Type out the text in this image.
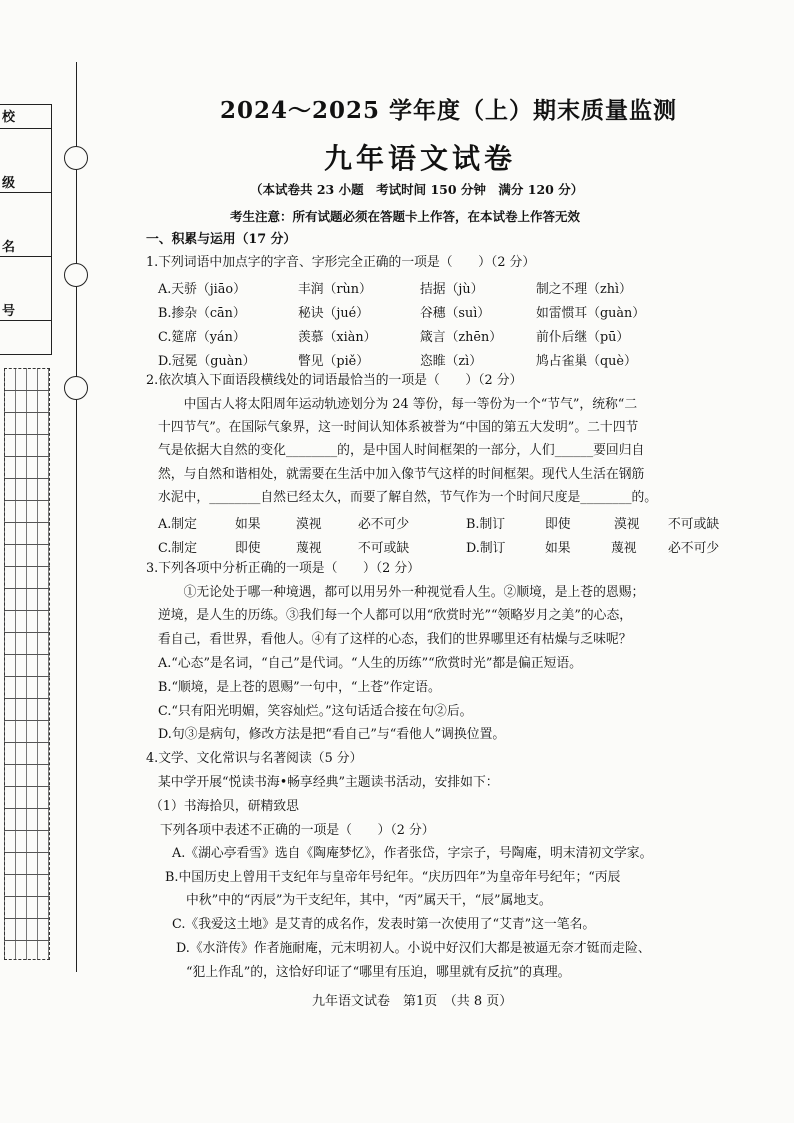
校
级
名
号
2024～2025 学年度（上）期末质量监测
九年语文试卷
（本试卷共 23 小题　考试时间 150 分钟　满分 120 分）
考生注意：所有试题必须在答题卡上作答，在本试卷上作答无效
一、积累与运用（17 分）
1.下列词语中加点字的字音、字形完全正确的一项是（　　）（2 分）
A.天骄（jiāo）	丰润（rùn）	拮据（jù）	制之不理（zhì）
B.掺杂（cān）	秘诀（jué）	谷穗（suì）	如雷惯耳（guàn）
C.筵席（yán）	羡慕（xiàn）	箴言（zhēn）	前仆后继（pū）
D.冠冕（guàn）	瞥见（piě）	恣睢（zì）	鸠占雀巢（què）
2.依次填入下面语段横线处的词语最恰当的一项是（　　）（2 分）
　　中国古人将太阳周年运动轨迹划分为 24 等份，每一等份为一个“节气”，统称“二
十四节气”。在国际气象界，这一时间认知体系被誉为“中国的第五大发明”。二十四节
气是依据大自然的变化________的，是中国人时间框架的一部分，人们______要回归自
然，与自然和谐相处，就需要在生活中加入像节气这样的时间框架。现代人生活在钢筋
水泥中，________自然已经太久，而要了解自然，节气作为一个时间尺度是________的。
A.制定	如果	漠视	必不可少	B.制订	即使	漠视 不可或缺
C.制定	即使	蔑视	不可或缺	D.制订	如果	蔑视 必不可少
3.下列各项中分析正确的一项是（　　）（2 分）
　　①无论处于哪一种境遇，都可以用另外一种视觉看人生。②顺境，是上苍的恩赐；
逆境，是人生的历练。③我们每一个人都可以用“欣赏时光”“领略岁月之美”的心态，
看自己，看世界，看他人。④有了这样的心态，我们的世界哪里还有枯燥与乏味呢？
A.“心态”是名词，“自己”是代词。“人生的历练”“欣赏时光”都是偏正短语。
B.“顺境，是上苍的恩赐”一句中，“上苍”作定语。
C.“只有阳光明媚，笑容灿烂。”这句话适合接在句②后。
D.句③是病句，修改方法是把“看自己”与“看他人”调换位置。
4.文学、文化常识与名著阅读（5 分）
某中学开展“悦读书海•畅享经典”主题读书活动，安排如下：
（1）书海拾贝，研精致思
下列各项中表述不正确的一项是（　　）（2 分）
A.《湖心亭看雪》选自《陶庵梦忆》，作者张岱，字宗子，号陶庵，明末清初文学家。
B.中国历史上曾用干支纪年与皇帝年号纪年。“庆历四年”为皇帝年号纪年；“丙辰
中秋”中的“丙辰”为干支纪年，其中，“丙”属天干，“辰”属地支。
C.《我爱这土地》是艾青的成名作，发表时第一次使用了“艾青”这一笔名。
D.《水浒传》作者施耐庵，元末明初人。小说中好汉们大都是被逼无奈才铤而走险、
“犯上作乱”的，这恰好印证了“哪里有压迫，哪里就有反抗”的真理。
九年语文试卷　第1页　（共 8 页）
